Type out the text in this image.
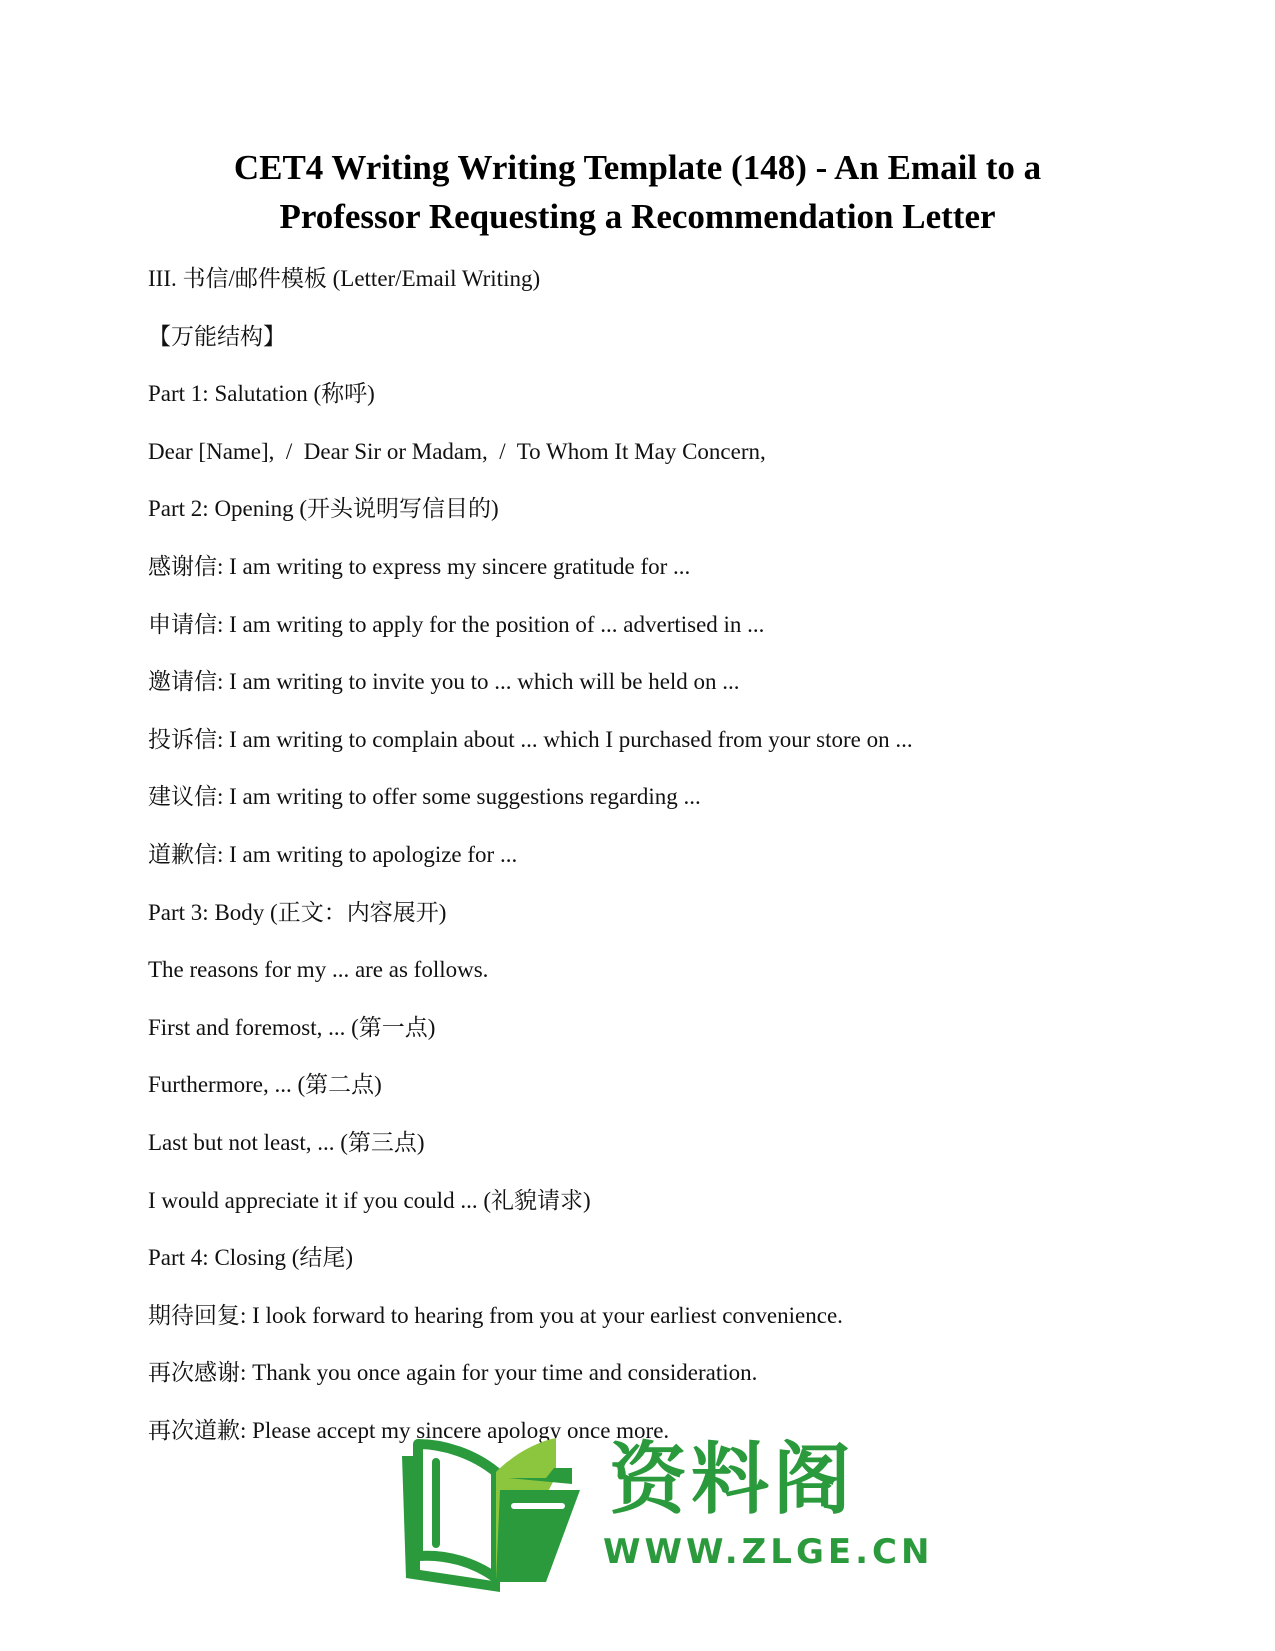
CET4 Writing Writing Template (148) - An Email to a
Professor Requesting a Recommendation Letter

III. 书信/邮件模板 (Letter/Email Writing)

【万能结构】

Part 1: Salutation (称呼)

Dear [Name],  /  Dear Sir or Madam,  /  To Whom It May Concern,

Part 2: Opening (开头说明写信目的)

感谢信: I am writing to express my sincere gratitude for ...

申请信: I am writing to apply for the position of ... advertised in ...

邀请信: I am writing to invite you to ... which will be held on ...

投诉信: I am writing to complain about ... which I purchased from your store on ...

建议信: I am writing to offer some suggestions regarding ...

道歉信: I am writing to apologize for ...

Part 3: Body (正文：内容展开)

The reasons for my ... are as follows.

First and foremost, ... (第一点)

Furthermore, ... (第二点)

Last but not least, ... (第三点)

I would appreciate it if you could ... (礼貌请求)

Part 4: Closing (结尾)

期待回复: I look forward to hearing from you at your earliest convenience.

再次感谢: Thank you once again for your time and consideration.

再次道歉: Please accept my sincere apology once more.

资料阁
WWW.ZLGE.CN
